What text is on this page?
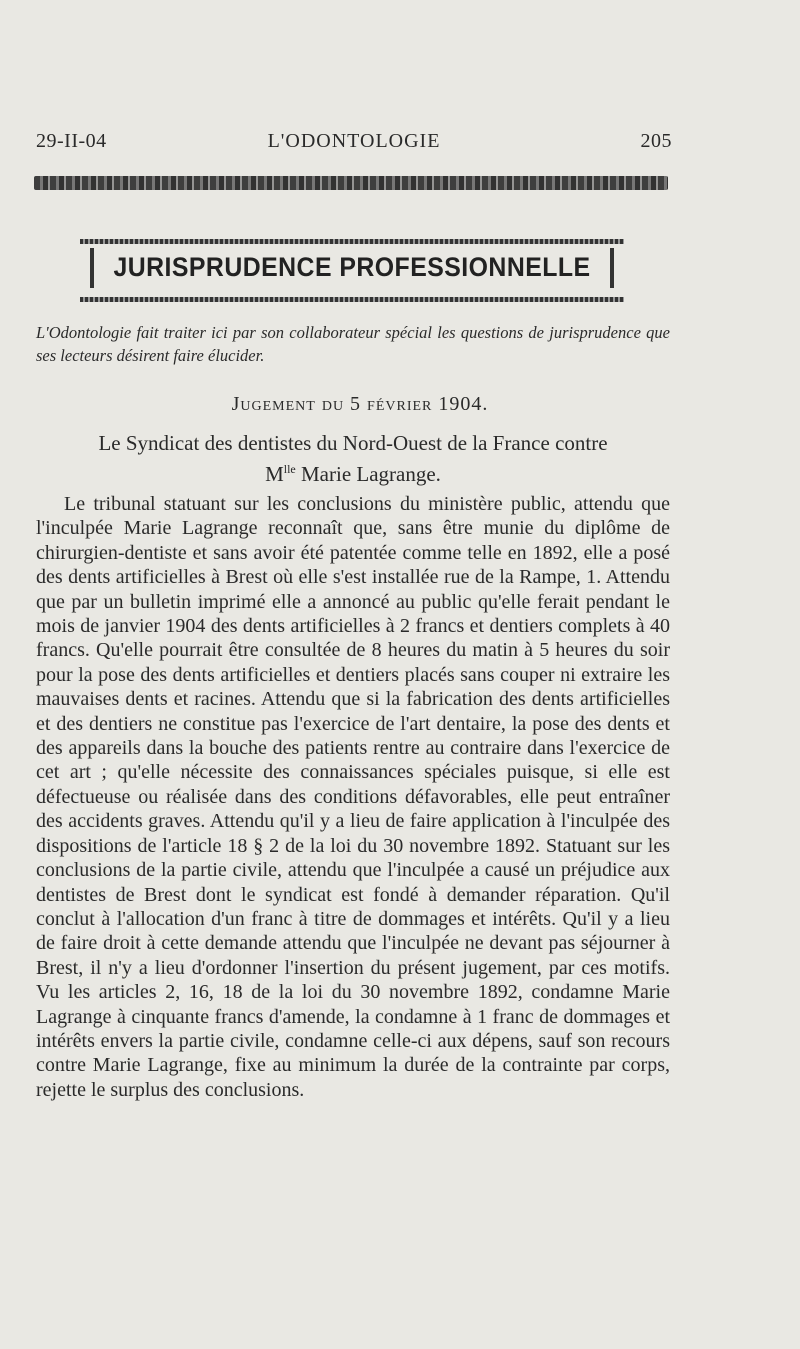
29-II-04	L'ODONTOLOGIE	205
JURISPRUDENCE PROFESSIONNELLE
L'Odontologie fait traiter ici par son collaborateur spécial les questions de jurisprudence que ses lecteurs désirent faire élucider.
Jugement du 5 février 1904.
Le Syndicat des dentistes du Nord-Ouest de la France contre
$M^{lle}$ Marie Lagrange.
Le tribunal statuant sur les conclusions du ministère public, attendu que l'inculpée Marie Lagrange reconnaît que, sans être munie du diplôme de chirurgien-dentiste et sans avoir été patentée comme telle en 1892, elle a posé des dents artificielles à Brest où elle s'est installée rue de la Rampe, 1. Attendu que par un bulletin imprimé elle a annoncé au public qu'elle ferait pendant le mois de janvier 1904 des dents artificielles à 2 francs et dentiers complets à 40 francs. Qu'elle pourrait être consultée de 8 heures du matin à 5 heures du soir pour la pose des dents artificielles et dentiers placés sans couper ni extraire les mauvaises dents et racines. Attendu que si la fabrication des dents artificielles et des dentiers ne constitue pas l'exercice de l'art dentaire, la pose des dents et des appareils dans la bouche des patients rentre au contraire dans l'exercice de cet art ; qu'elle nécessite des connaissances spéciales puisque, si elle est défectueuse ou réalisée dans des conditions défavorables, elle peut entraîner des accidents graves. Attendu qu'il y a lieu de faire application à l'inculpée des dispositions de l'article 18 § 2 de la loi du 30 novembre 1892. Statuant sur les conclusions de la partie civile, attendu que l'inculpée a causé un préjudice aux dentistes de Brest dont le syndicat est fondé à demander réparation. Qu'il conclut à l'allocation d'un franc à titre de dommages et intérêts. Qu'il y a lieu de faire droit à cette demande attendu que l'inculpée ne devant pas séjourner à Brest, il n'y a lieu d'ordonner l'insertion du présent jugement, par ces motifs. Vu les articles 2, 16, 18 de la loi du 30 novembre 1892, condamne Marie Lagrange à cinquante francs d'amende, la condamne à 1 franc de dommages et intérêts envers la partie civile, condamne celle-ci aux dépens, sauf son recours contre Marie Lagrange, fixe au minimum la durée de la contrainte par corps, rejette le surplus des conclusions.
